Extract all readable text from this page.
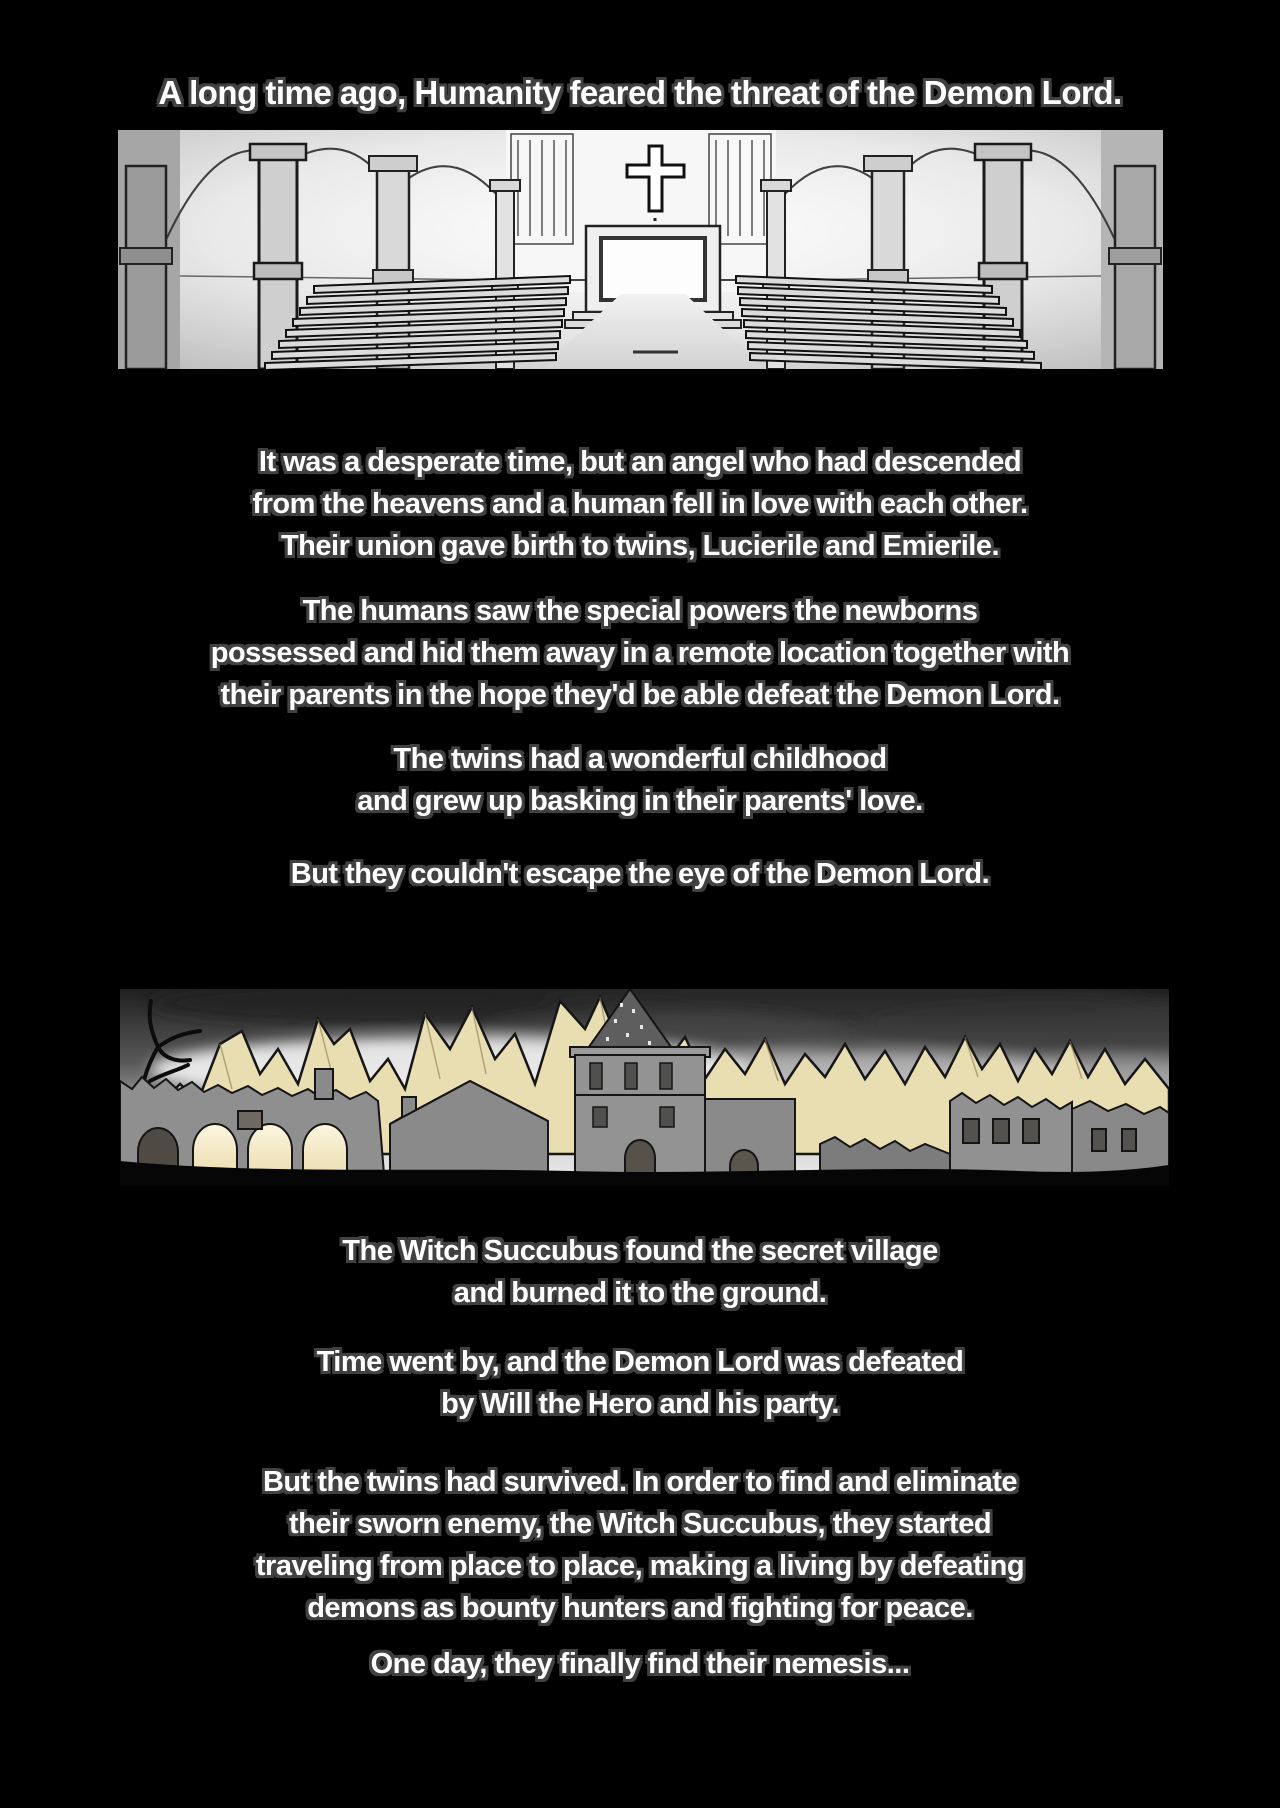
A long time ago, Humanity feared the threat of the Demon Lord.
It was a desperate time, but an angel who had descended
from the heavens and a human fell in love with each other.
Their union gave birth to twins, Lucierile and Emierile.
The humans saw the special powers the newborns
possessed and hid them away in a remote location together with
their parents in the hope they'd be able defeat the Demon Lord.
The twins had a wonderful childhood
and grew up basking in their parents' love.
But they couldn't escape the eye of the Demon Lord.
The Witch Succubus found the secret village
and burned it to the ground.
Time went by, and the Demon Lord was defeated
by Will the Hero and his party.
But the twins had survived. In order to find and eliminate
their sworn enemy, the Witch Succubus, they started
traveling from place to place, making a living by defeating
demons as bounty hunters and fighting for peace.
One day, they finally find their nemesis...
